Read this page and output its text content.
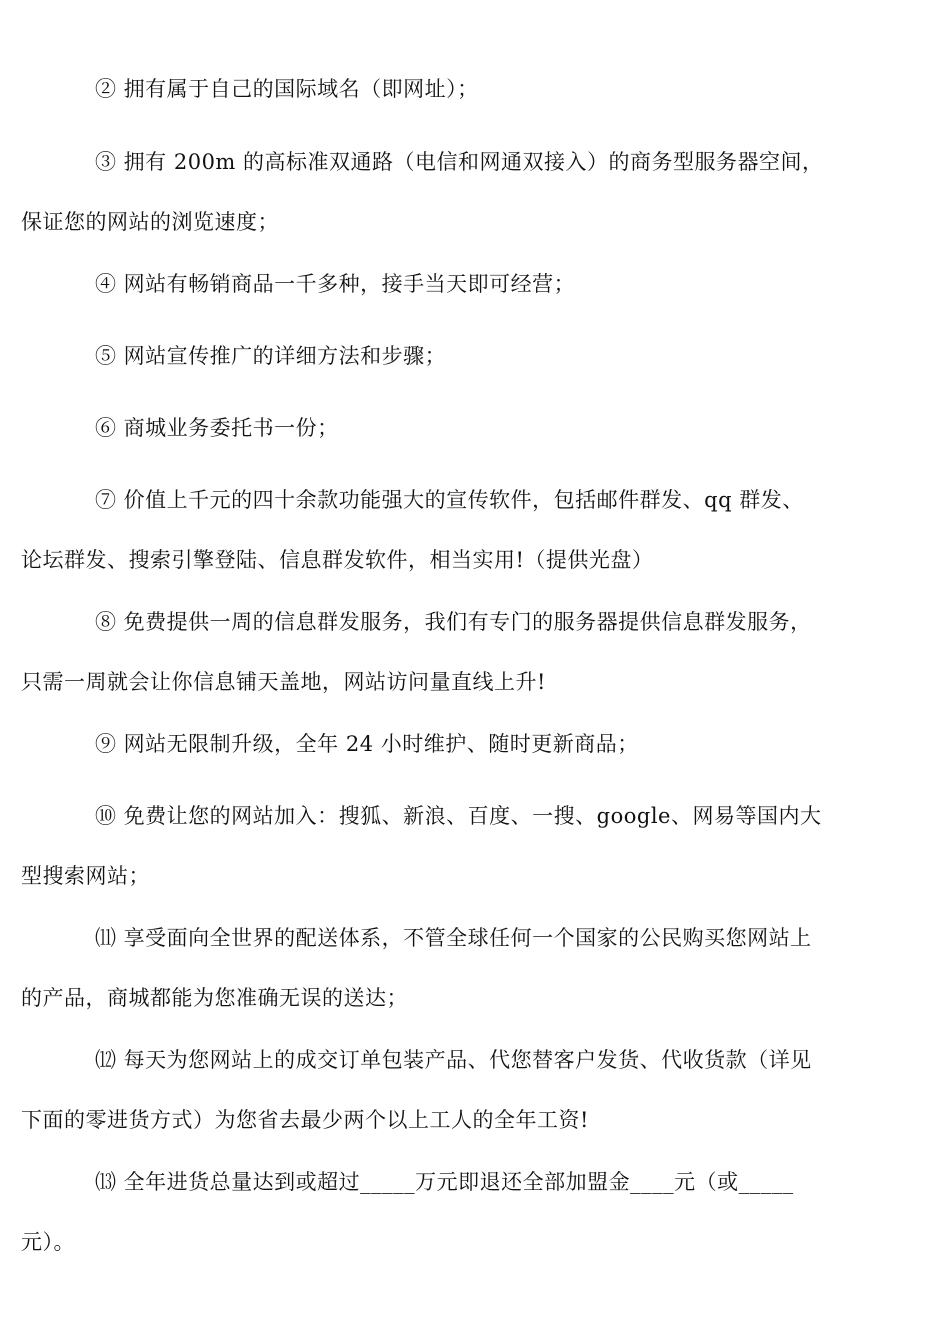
② 拥有属于自己的国际域名（即网址）；

③ 拥有 200m 的高标准双通路（电信和网通双接入）的商务型服务器空间，
保证您的网站的浏览速度；

④ 网站有畅销商品一千多种，接手当天即可经营；

⑤ 网站宣传推广的详细方法和步骤；

⑥ 商城业务委托书一份；

⑦ 价值上千元的四十余款功能强大的宣传软件，包括邮件群发、qq 群发、
论坛群发、搜索引擎登陆、信息群发软件，相当实用!（提供光盘）

⑧ 免费提供一周的信息群发服务，我们有专门的服务器提供信息群发服务，
只需一周就会让你信息铺天盖地，网站访问量直线上升!

⑨ 网站无限制升级，全年 24 小时维护、随时更新商品；

⑩ 免费让您的网站加入：搜狐、新浪、百度、一搜、google、网易等国内大
型搜索网站；

⑾ 享受面向全世界的配送体系，不管全球任何一个国家的公民购买您网站上
的产品，商城都能为您准确无误的送达；

⑿ 每天为您网站上的成交订单包装产品、代您替客户发货、代收货款（详见
下面的零进货方式）为您省去最少两个以上工人的全年工资!

⒀ 全年进货总量达到或超过_____万元即退还全部加盟金____元（或_____
元）。
